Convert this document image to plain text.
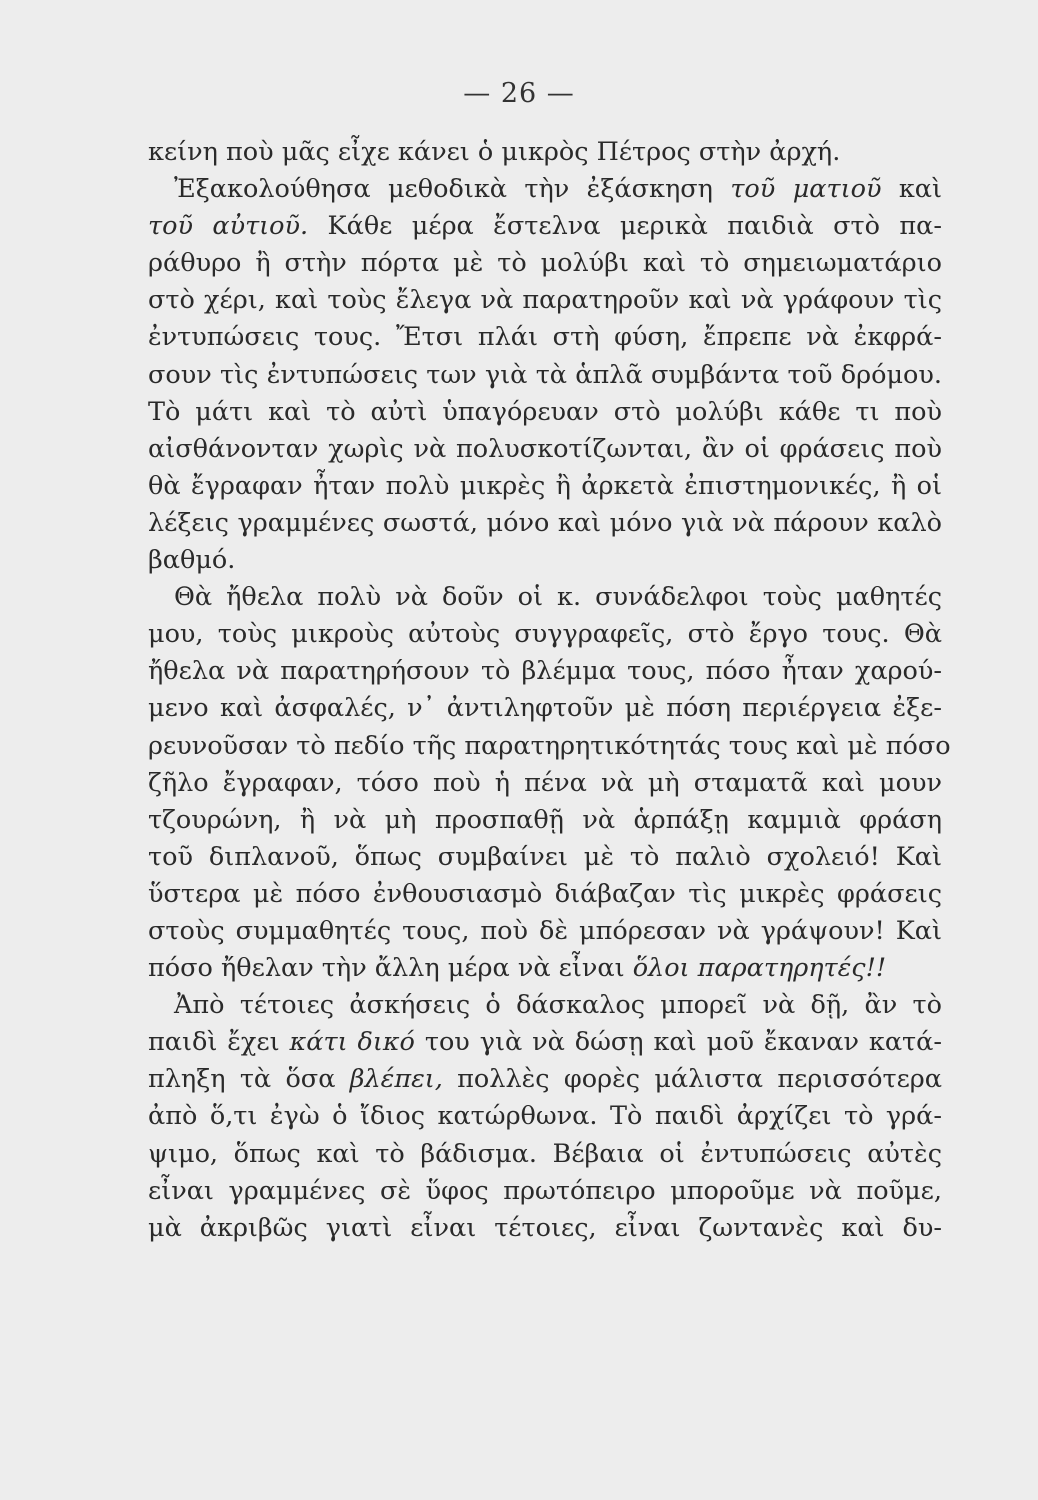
— 26 —
κείνη ποὺ μᾶς εἶχε κάνει ὁ μικρὸς Πέτρος στὴν ἀρχή.
Ἐξακολούθησα μεθοδικὰ τὴν ἐξάσκηση τοῦ ματιοῦ καὶ
τοῦ αὐτιοῦ. Κάθε μέρα ἔστελνα μερικὰ παιδιὰ στὸ πα-
ράθυρο ἢ στὴν πόρτα μὲ τὸ μολύβι καὶ τὸ σημειωματάριο
στὸ χέρι, καὶ τοὺς ἔλεγα νὰ παρατηροῦν καὶ νὰ γράφουν τὶς
ἐντυπώσεις τους. Ἔτσι πλάι στὴ φύση, ἔπρεπε νὰ ἐκφρά-
σουν τὶς ἐντυπώσεις των γιὰ τὰ ἁπλᾶ συμβάντα τοῦ δρόμου.
Τὸ μάτι καὶ τὸ αὐτὶ ὑπαγόρευαν στὸ μολύβι κάθε τι ποὺ
αἰσθάνονταν χωρὶς νὰ πολυσκοτίζωνται, ἂν οἱ φράσεις ποὺ
θὰ ἔγραφαν ἦταν πολὺ μικρὲς ἢ ἀρκετὰ ἐπιστημονικές, ἢ οἱ
λέξεις γραμμένες σωστά, μόνο καὶ μόνο γιὰ νὰ πάρουν καλὸ
βαθμό.
Θὰ ἤθελα πολὺ νὰ δοῦν οἱ κ. συνάδελφοι τοὺς μαθητές
μου, τοὺς μικροὺς αὐτοὺς συγγραφεῖς, στὸ ἔργο τους. Θὰ
ἤθελα νὰ παρατηρήσουν τὸ βλέμμα τους, πόσο ἦταν χαρού-
μενο καὶ ἀσφαλές, ν᾽ ἀντιληφτοῦν μὲ πόση περιέργεια ἐξε-
ρευνοῦσαν τὸ πεδίο τῆς παρατηρητικότητάς τους καὶ μὲ πόσο
ζῆλο ἔγραφαν, τόσο ποὺ ἡ πένα νὰ μὴ σταματᾶ καὶ μουν
τζουρώνη, ἢ νὰ μὴ προσπαθῇ νὰ ἁρπάξῃ καμμιὰ φράση
τοῦ διπλανοῦ, ὅπως συμβαίνει μὲ τὸ παλιὸ σχολειό! Καὶ
ὕστερα μὲ πόσο ἐνθουσιασμὸ διάβαζαν τὶς μικρὲς φράσεις
στοὺς συμμαθητές τους, ποὺ δὲ μπόρεσαν νὰ γράψουν! Καὶ
πόσο ἤθελαν τὴν ἄλλη μέρα νὰ εἶναι ὅλοι παρατηρητές!!
Ἀπὸ τέτοιες ἀσκήσεις ὁ δάσκαλος μπορεῖ νὰ δῇ, ἂν τὸ
παιδὶ ἔχει κάτι δικό του γιὰ νὰ δώσῃ καὶ μοῦ ἔκαναν κατά-
πληξη τὰ ὅσα βλέπει, πολλὲς φορὲς μάλιστα περισσότερα
ἀπὸ ὅ,τι ἐγὼ ὁ ἴδιος κατώρθωνα. Τὸ παιδὶ ἀρχίζει τὸ γρά-
ψιμο, ὅπως καὶ τὸ βάδισμα. Βέβαια οἱ ἐντυπώσεις αὐτὲς
εἶναι γραμμένες σὲ ὕφος πρωτόπειρο μποροῦμε νὰ ποῦμε,
μὰ ἀκριβῶς γιατὶ εἶναι τέτοιες, εἶναι ζωντανὲς καὶ δυ-
